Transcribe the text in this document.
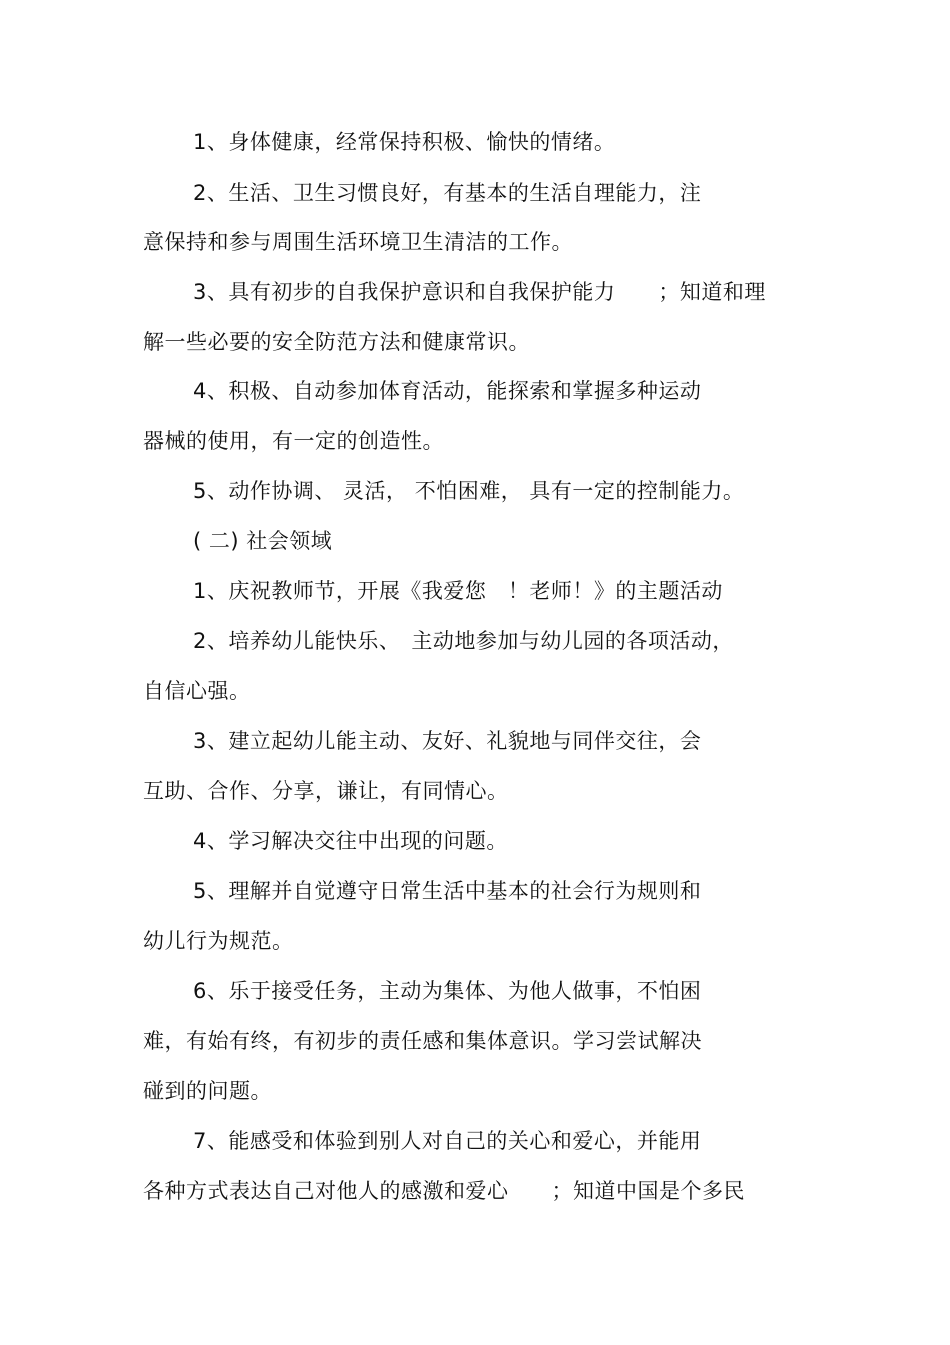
1、身体健康，经常保持积极、愉快的情绪。

2、生活、卫生习惯良好，有基本的生活自理能力，注

意保持和参与周围生活环境卫生清洁的工作。

3、具有初步的自我保护意识和自我保护能力　　；知道和理

解一些必要的安全防范方法和健康常识。

4、积极、自动参加体育活动，能探索和掌握多种运动

器械的使用，有一定的创造性。

5、动作协调、 灵活， 不怕困难， 具有一定的控制能力。

( 二) 社会领域

1、庆祝教师节，开展《我爱您　！老师！》的主题活动

2、培养幼儿能快乐、　主动地参加与幼儿园的各项活动，

自信心强。

3、建立起幼儿能主动、友好、礼貌地与同伴交往，会

互助、合作、分享，谦让，有同情心。

4、学习解决交往中出现的问题。

5、理解并自觉遵守日常生活中基本的社会行为规则和

幼儿行为规范。

6、乐于接受任务，主动为集体、为他人做事，不怕困

难，有始有终，有初步的责任感和集体意识。学习尝试解决

碰到的问题。

7、能感受和体验到别人对自己的关心和爱心，并能用

各种方式表达自己对他人的感激和爱心　　；知道中国是个多民
